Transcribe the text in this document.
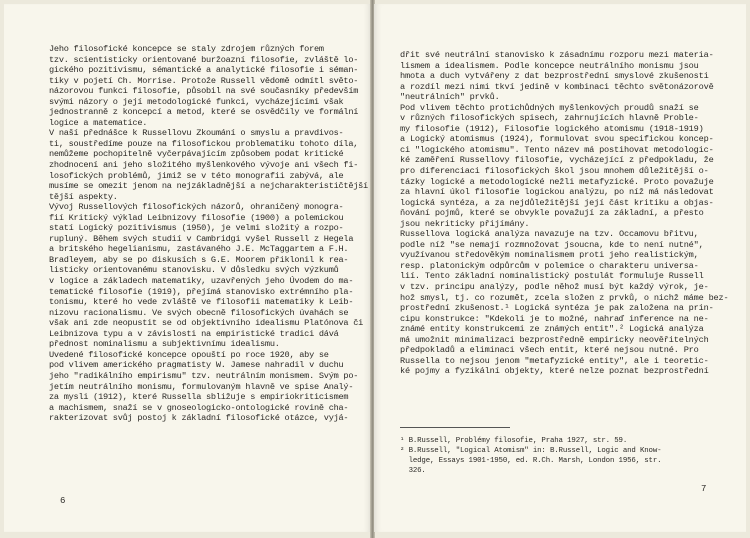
Jeho filosofické koncepce se staly zdrojem různých forem
tzv. scientisticky orientované buržoazní filosofie, zvláště lo-
gického pozitivismu, sémantické a analytické filosofie i séman-
tiky v pojetí Ch. Morrise. Protože Russell vědomě odmítl světo-
názorovou funkci filosofie, působil na své současníky především
svými názory o její metodologické funkci, vycházejícími však
jednostranně z koncepcí a metod, které se osvědčily ve formální
logice a matematice.
V naší přednášce k Russellovu Zkoumání o smyslu a pravdivos-
ti, soustředíme pouze na filosofickou problematiku tohoto díla,
nemůžeme pochopitelně vyčerpávajícím způsobem podat kritické
zhodnocení ani jeho složitého myšlenkového vývoje ani všech fi-
losofických problémů, jimiž se v této monografii zabývá, ale
musíme se omezit jenom na nejzákladnější a nejcharakterističtější
tější aspekty.
Vývoj Russellových filosofických názorů, ohraničený monogra-
fií Kritický výklad Leibnizovy filosofie (1900) a polemickou
statí Logický pozitivismus (1950), je velmi složitý a rozpo-
rupluný. Během svých studií v Cambridgi vyšel Russell z Hegela
a britského hegelianismu, zastávaného J.E. McTaggartem a F.H.
Bradleyem, aby se po diskusích s G.E. Moorem přiklonil k rea-
listicky orientovanému stanovisku. V důsledku svých výzkumů
v logice a základech matematiky, uzavřených jeho Úvodem do ma-
tematické filosofie (1919), přejímá stanovisko extrémního pla-
tonismu, které ho vede zvláště ve filosofii matematiky k Leib-
nizovu racionalismu. Ve svých obecně filosofických úvahách se
však ani zde neopustit se od objektivního idealismu Platónova či
Leibnizova typu a v závislosti na empiristické tradici dává
přednost nominalismu a subjektivnímu idealismu.
Uvedené filosofické koncepce opouští po roce 1920, aby se
pod vlivem amerického pragmatisty W. Jamese nahradil v duchu
jeho "radikálního empirismu" tzv. neutrálním monismem. Svým po-
jetím neutrálního monismu, formulovaným hlavně ve spise Analý-
za mysli (1912), které Russella sbližuje s empiriokriticismem
a machismem, snaží se v gnoseologicko-ontologické rovině cha-
rakterizovat svůj postoj k základní filosofické otázce, vyjá-
6
dřit své neutrální stanovisko k zásadnímu rozporu mezi materia-
lismem a idealismem. Podle koncepce neutrálního monismu jsou
hmota a duch vytvářeny z dat bezprostřední smyslové zkušenosti
a rozdíl mezi nimi tkví jedině v kombinaci těchto světonázorově
"neutrálních" prvků.
Pod vlivem těchto protichůdných myšlenkových proudů snaží se
v různých filosofických spisech, zahrnujících hlavně Proble-
my filosofie (1912), Filosofie logického atomismu (1918-1919)
a Logický atomismus (1924), formulovat svou specifickou koncep-
ci "logického atomismu". Tento název má postihovat metodologic-
ké zaměření Russellovy filosofie, vycházející z předpokladu, že
pro diferenciaci filosofických škol jsou mnohem důležitější o-
tázky logické a metodologické nežli metafyzické. Proto považuje
za hlavní úkol filosofie logickou analýzu, po níž má následovat
logická syntéza, a za nejdůležitější její část kritiku a objas-
ňování pojmů, které se obvykle považují za základní, a přesto
jsou nekriticky přijímány.
Russellova logická analýza navazuje na tzv. Occamovu břitvu,
podle níž "se nemají rozmnožovat jsoucna, kde to není nutné",
využívanou středověkým nominalismem proti jeho realistickým,
resp. platonickým odpůrcům v polemice o charakteru universa-
lií. Tento základní nominalistický postulát formuluje Russell
v tzv. principu analýzy, podle něhož musí být každý výrok, je-
hož smysl, tj. co rozumět, zcela složen z prvků, o nichž máme bez-
prostřední zkušenost.¹ Logická syntéza je pak založena na prin-
cipu konstrukce: "Kdekoli je to možné, nahraď inference na ne-
známé entity konstrukcemi ze známých entit".² Logická analýza
má umožnit minimalizaci bezprostředně empiricky neověřitelných
předpokladů a eliminaci všech entit, které nejsou nutné. Pro
Russella to nejsou jenom "metafyzické entity", ale i teoretic-
ké pojmy a fyzikální objekty, které nelze poznat bezprostřední
¹ B.Russell, Problémy filosofie, Praha 1927, str. 59.
² B.Russell, "Logical Atomism" in: B.Russell, Logic and Know-
ledge, Essays 1901-1950, ed. R.Ch. Marsh, London 1956, str.
326.
7
